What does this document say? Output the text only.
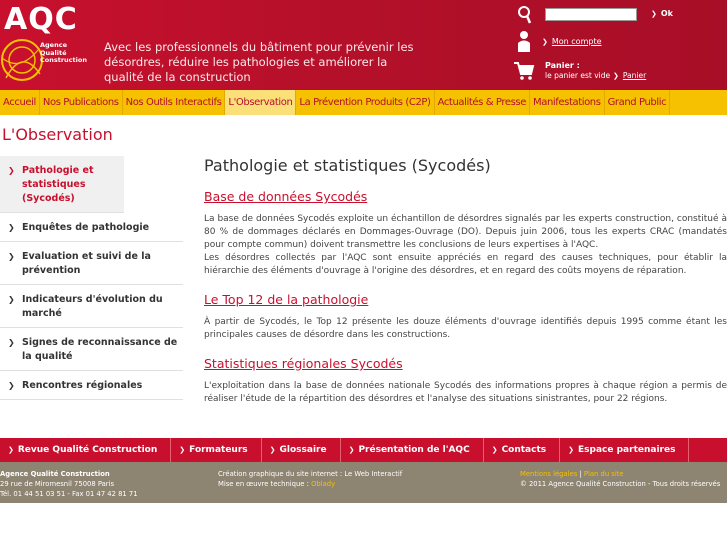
AQC
Agence
Qualité
Construction
Avec les professionnels du bâtiment pour prévenir les désordres, réduire les pathologies et améliorer la qualité de la construction
❯ Ok
❯ Mon compte
Panier :
le panier est vide ❯ Panier
Accueil Nos Publications Nos Outils Interactifs L'Observation La Prévention Produits (C2P) Actualités & Presse Manifestations Grand Public
L'Observation
❯ Pathologie et statistiques (Sycodés)
❯ Enquêtes de pathologie
❯ Evaluation et suivi de la prévention
❯ Indicateurs d'évolution du marché
❯ Signes de reconnaissance de la qualité
❯ Rencontres régionales
Pathologie et statistiques (Sycodés)
Base de données Sycodés
La base de données Sycodés exploite un échantillon de désordres signalés par les experts construction, constitué à 80 % de dommages déclarés en Dommages-Ouvrage (DO). Depuis juin 2006, tous les experts CRAC (mandatés pour compte commun) doivent transmettre les conclusions de leurs expertises à l'AQC.
Les désordres collectés par l'AQC sont ensuite appréciés en regard des causes techniques, pour établir la hiérarchie des éléments d'ouvrage à l'origine des désordres, et en regard des coûts moyens de réparation.
Le Top 12 de la pathologie
À partir de Sycodés, le Top 12 présente les douze éléments d'ouvrage identifiés depuis 1995 comme étant les principales causes de désordre dans les constructions.
Statistiques régionales Sycodés
L'exploitation dans la base de données nationale Sycodés des informations propres à chaque région a permis de réaliser l'étude de la répartition des désordres et l'analyse des situations sinistrantes, pour 22 régions.
❯ Revue Qualité Construction	❯ Formateurs	❯ Glossaire	❯ Présentation de l'AQC	❯ Contacts	❯ Espace partenaires
Agence Qualité Construction
29 rue de Miromesnil 75008 Paris
Tél. 01 44 51 03 51 - Fax 01 47 42 81 71
Création graphique du site internet : Le Web Interactif
Mise en œuvre technique : Oblady
Mentions légales | Plan du site
© 2011 Agence Qualité Construction - Tous droits réservés
